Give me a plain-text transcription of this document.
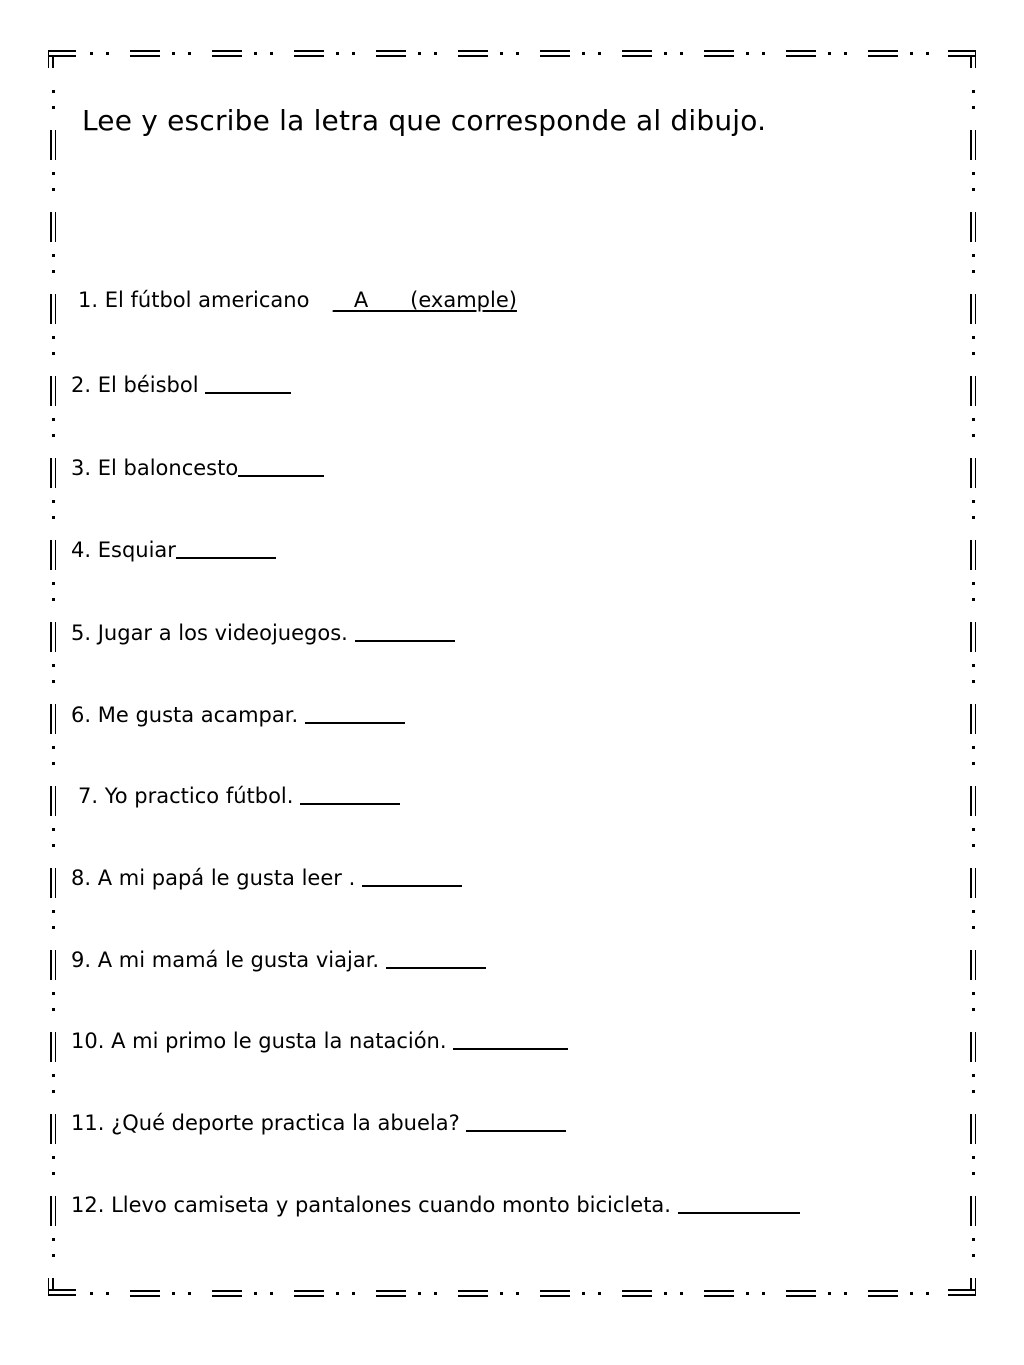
Lee y escribe la letra que corresponde al dibujo.
1. El fútbol americano __A____(example)
2. El béisbol
3. El baloncesto
4. Esquiar
5. Jugar a los videojuegos.
6. Me gusta acampar.
7. Yo practico fútbol.
8. A mi papá le gusta leer .
9. A mi mamá le gusta viajar.
10. A mi primo le gusta la natación.
11. ¿Qué deporte practica la abuela?
12. Llevo camiseta y pantalones cuando monto bicicleta.
